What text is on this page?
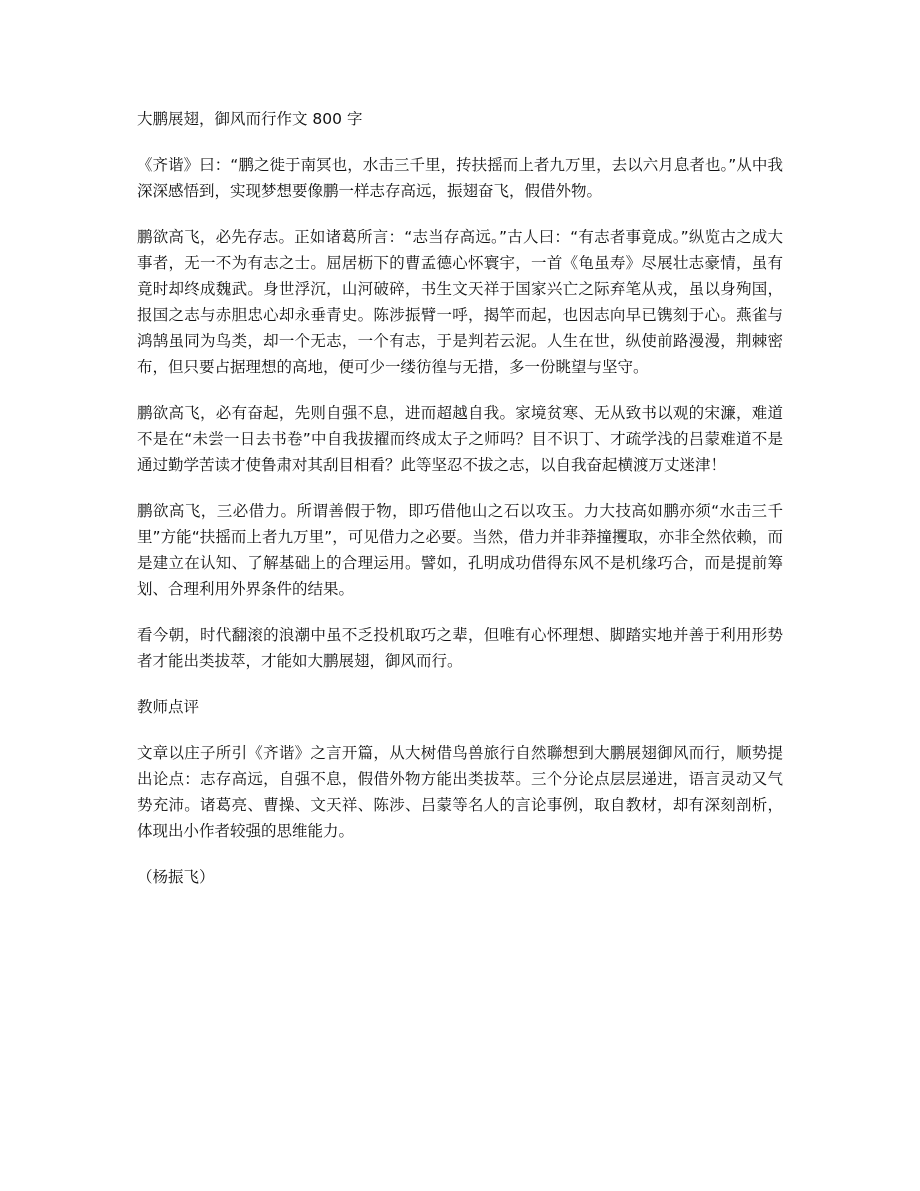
大鹏展翅，御风而行作文 800 字

《齐谐》曰：“鹏之徙于南冥也，水击三千里，抟扶摇而上者九万里，去以六月息者也。”从中我深深感悟到，实现梦想要像鹏一样志存高远，振翅奋飞，假借外物。

鹏欲高飞，必先存志。正如诸葛所言：“志当存高远。”古人曰：“有志者事竟成。”纵览古之成大事者，无一不为有志之士。屈居枥下的曹孟德心怀寰宇，一首《龟虽寿》尽展壮志豪情，虽有竟时却终成魏武。身世浮沉，山河破碎，书生文天祥于国家兴亡之际弃笔从戎，虽以身殉国，报国之志与赤胆忠心却永垂青史。陈涉振臂一呼，揭竿而起，也因志向早已镌刻于心。燕雀与鸿鹄虽同为鸟类，却一个无志，一个有志，于是判若云泥。人生在世，纵使前路漫漫，荆棘密布，但只要占据理想的高地，便可少一缕彷徨与无措，多一份眺望与坚守。

鹏欲高飞，必有奋起，先则自强不息，进而超越自我。家境贫寒、无从致书以观的宋濂，难道不是在“未尝一日去书卷”中自我拔擢而终成太子之师吗？目不识丁、才疏学浅的吕蒙难道不是通过勤学苦读才使鲁肃对其刮目相看？此等坚忍不拔之志，以自我奋起横渡万丈迷津！

鹏欲高飞，三必借力。所谓善假于物，即巧借他山之石以攻玉。力大技高如鹏亦须“水击三千里”方能“扶摇而上者九万里”，可见借力之必要。当然，借力并非莽撞攫取，亦非全然依赖，而是建立在认知、了解基础上的合理运用。譬如，孔明成功借得东风不是机缘巧合，而是提前筹划、合理利用外界条件的结果。

看今朝，时代翻滚的浪潮中虽不乏投机取巧之辈，但唯有心怀理想、脚踏实地并善于利用形势者才能出类拔萃，才能如大鹏展翅，御风而行。

教师点评

文章以庄子所引《齐谐》之言开篇，从大树借鸟兽旅行自然聯想到大鹏展翅御风而行，顺势提出论点：志存高远，自强不息，假借外物方能出类拔萃。三个分论点层层递进，语言灵动又气势充沛。诸葛亮、曹操、文天祥、陈涉、吕蒙等名人的言论事例，取自教材，却有深刻剖析，体现出小作者较强的思维能力。

（杨振飞）
